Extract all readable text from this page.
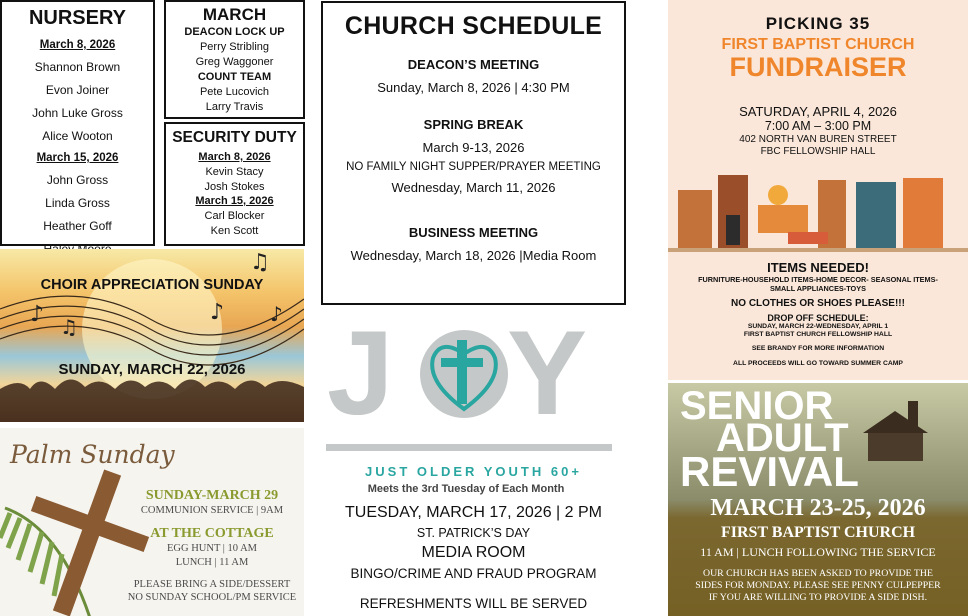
NURSERY
March 8, 2026
Shannon Brown
Evon Joiner
John Luke Gross
Alice Wooton
March 15, 2026
John Gross
Linda Gross
Heather Goff
MARCH
DEACON LOCK UP
Perry Stribling
Greg Waggoner
COUNT TEAM
Pete Lucovich
Larry Travis
SECURITY DUTY
March 8, 2026
Kevin Stacy
Josh Stokes
March 15, 2026
Carl Blocker
Ken Scott
CHURCH SCHEDULE
DEACON’S MEETING
Sunday, March 8, 2026 | 4:30 PM
SPRING BREAK
March 9-13, 2026
NO FAMILY NIGHT SUPPER/PRAYER MEETING
Wednesday, March 11, 2026
BUSINESS MEETING
Wednesday, March 18, 2026 |Media Room
♪ ♫
♪
♫
♪
CHOIR APPRECIATION SUNDAY
SUNDAY, MARCH 22, 2026
Palm Sunday
SUNDAY-MARCH 29
COMMUNION SERVICE | 9AM
AT THE COTTAGE
EGG HUNT | 10 AM
LUNCH | 11 AM
PLEASE BRING A SIDE/DESSERT
NO SUNDAY SCHOOL/PM SERVICE
J Y
JUST OLDER YOUTH 60+
Meets the 3rd Tuesday of Each Month
TUESDAY, MARCH 17, 2026 | 2 PM
ST. PATRICK’S DAY
MEDIA ROOM
BINGO/CRIME AND FRAUD PROGRAM
REFRESHMENTS WILL BE SERVED
PICKING 35
FIRST BAPTIST CHURCH
FUNDRAISER
SATURDAY, APRIL 4, 2026
7:00 AM – 3:00 PM
402 NORTH VAN BUREN STREET
FBC FELLOWSHIP HALL
ITEMS NEEDED!
FURNITURE-HOUSEHOLD ITEMS-HOME DECOR- SEASONAL ITEMS-
SMALL APPLIANCES-TOYS
NO CLOTHES OR SHOES PLEASE!!!
DROP OFF SCHEDULE:
SUNDAY, MARCH 22-WEDNESDAY, APRIL 1
FIRST BAPTIST CHURCH FELLOWSHIP HALL
SEE BRANDY FOR MORE INFORMATION
ALL PROCEEDS WILL GO TOWARD SUMMER CAMP
SENIOR
ADULT
REVIVAL
MARCH 23-25, 2026
FIRST BAPTIST CHURCH
11 AM | LUNCH FOLLOWING THE SERVICE
OUR CHURCH HAS BEEN ASKED TO PROVIDE THE
SIDES FOR MONDAY. PLEASE SEE PENNY CULPEPPER
IF YOU ARE WILLING TO PROVIDE A SIDE DISH.
